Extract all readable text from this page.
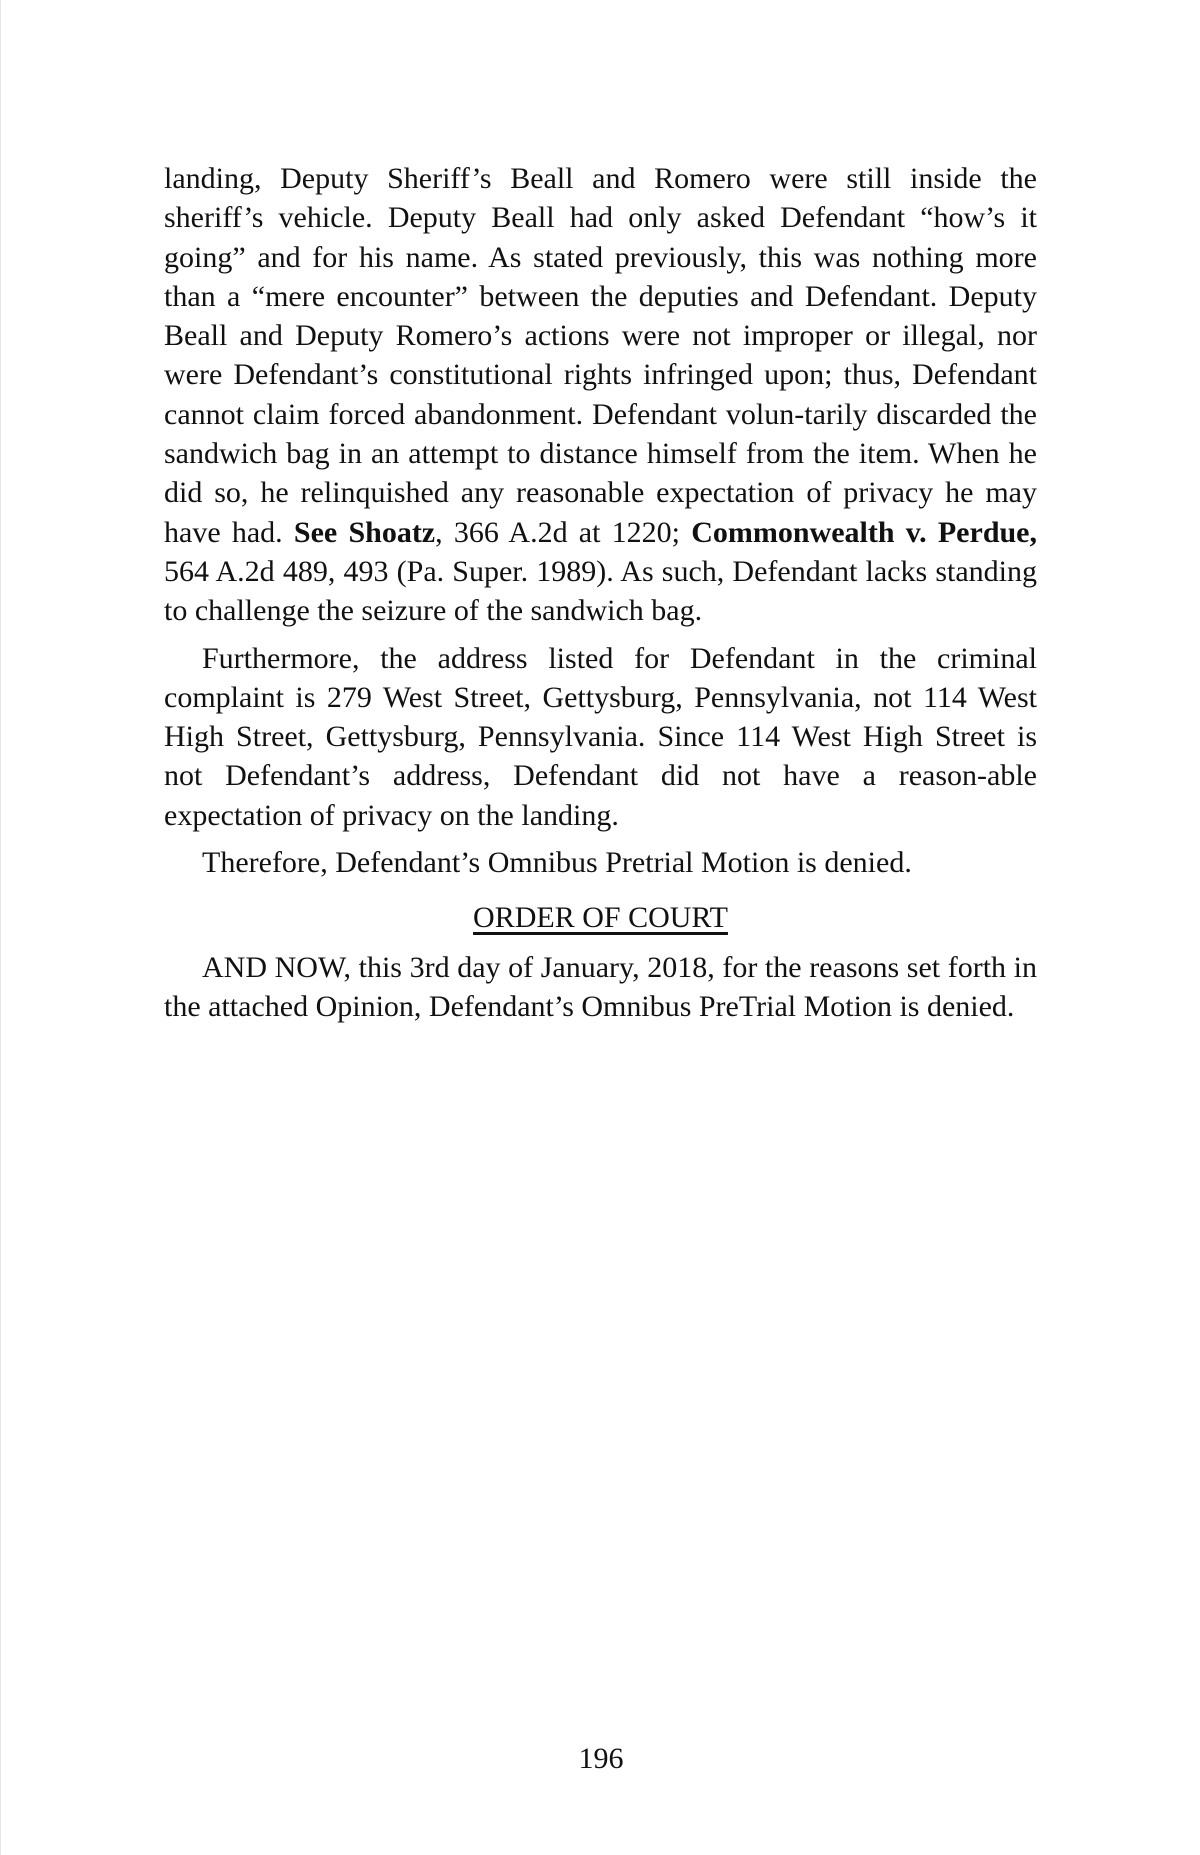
landing, Deputy Sheriff’s Beall and Romero were still inside the sheriff’s vehicle. Deputy Beall had only asked Defendant “how’s it going” and for his name. As stated previously, this was nothing more than a “mere encounter” between the deputies and Defendant. Deputy Beall and Deputy Romero’s actions were not improper or illegal, nor were Defendant’s constitutional rights infringed upon; thus, Defendant cannot claim forced abandonment. Defendant volun-tarily discarded the sandwich bag in an attempt to distance himself from the item. When he did so, he relinquished any reasonable expectation of privacy he may have had. See Shoatz, 366 A.2d at 1220; Commonwealth v. Perdue, 564 A.2d 489, 493 (Pa. Super. 1989). As such, Defendant lacks standing to challenge the seizure of the sandwich bag.

Furthermore, the address listed for Defendant in the criminal complaint is 279 West Street, Gettysburg, Pennsylvania, not 114 West High Street, Gettysburg, Pennsylvania. Since 114 West High Street is not Defendant’s address, Defendant did not have a reason-able expectation of privacy on the landing.

Therefore, Defendant’s Omnibus Pretrial Motion is denied.

ORDER OF COURT

AND NOW, this 3rd day of January, 2018, for the reasons set forth in the attached Opinion, Defendant’s Omnibus PreTrial Motion is denied.

196
